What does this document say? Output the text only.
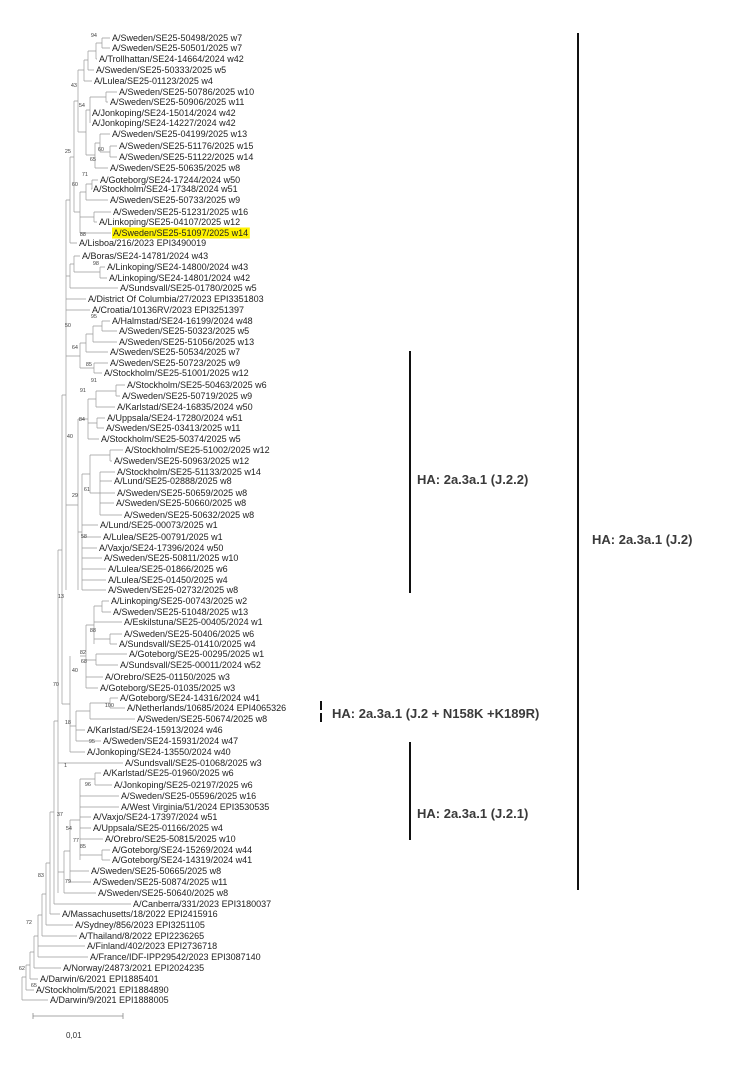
A/Sweden/SE25-50498/2025 w7
A/Sweden/SE25-50501/2025 w7
A/Trollhattan/SE24-14664/2024 w42
A/Sweden/SE25-50333/2025 w5
A/Lulea/SE25-01123/2025 w4
A/Sweden/SE25-50786/2025 w10
A/Sweden/SE25-50906/2025 w11
A/Jonkoping/SE24-15014/2024 w42
A/Jonkoping/SE24-14227/2024 w42
A/Sweden/SE25-04199/2025 w13
A/Sweden/SE25-51176/2025 w15
A/Sweden/SE25-51122/2025 w14
A/Sweden/SE25-50635/2025 w8
A/Goteborg/SE24-17244/2024 w50
A/Stockholm/SE24-17348/2024 w51
A/Sweden/SE25-50733/2025 w9
A/Sweden/SE25-51231/2025 w16
A/Linkoping/SE25-04107/2025 w12
A/Sweden/SE25-51097/2025 w14
A/Lisboa/216/2023 EPI3490019
A/Boras/SE24-14781/2024 w43
A/Linkoping/SE24-14800/2024 w43
A/Linkoping/SE24-14801/2024 w42
A/Sundsvall/SE25-01780/2025 w5
A/District Of Columbia/27/2023 EPI3351803
A/Croatia/10136RV/2023 EPI3251397
A/Halmstad/SE24-16199/2024 w48
A/Sweden/SE25-50323/2025 w5
A/Sweden/SE25-51056/2025 w13
A/Sweden/SE25-50534/2025 w7
A/Sweden/SE25-50723/2025 w9
A/Stockholm/SE25-51001/2025 w12
A/Stockholm/SE25-50463/2025 w6
A/Sweden/SE25-50719/2025 w9
A/Karlstad/SE24-16835/2024 w50
A/Uppsala/SE24-17280/2024 w51
A/Sweden/SE25-03413/2025 w11
A/Stockholm/SE25-50374/2025 w5
A/Stockholm/SE25-51002/2025 w12
A/Sweden/SE25-50963/2025 w12
A/Stockholm/SE25-51133/2025 w14
A/Lund/SE25-02888/2025 w8
A/Sweden/SE25-50659/2025 w8
A/Sweden/SE25-50660/2025 w8
A/Sweden/SE25-50632/2025 w8
A/Lund/SE25-00073/2025 w1
A/Lulea/SE25-00791/2025 w1
A/Vaxjo/SE24-17396/2024 w50
A/Sweden/SE25-50811/2025 w10
A/Lulea/SE25-01866/2025 w6
A/Lulea/SE25-01450/2025 w4
A/Sweden/SE25-02732/2025 w8
A/Linkoping/SE25-00743/2025 w2
A/Sweden/SE25-51048/2025 w13
A/Eskilstuna/SE25-00405/2024 w1
A/Sweden/SE25-50406/2025 w6
A/Sundsvall/SE25-01410/2025 w4
A/Goteborg/SE25-00295/2025 w1
A/Sundsvall/SE25-00011/2024 w52
A/Orebro/SE25-01150/2025 w3
A/Goteborg/SE25-01035/2025 w3
A/Goteborg/SE24-14316/2024 w41
A/Netherlands/10685/2024 EPI4065326
A/Sweden/SE25-50674/2025 w8
A/Karlstad/SE24-15913/2024 w46
A/Sweden/SE24-15931/2024 w47
A/Jonkoping/SE24-13550/2024 w40
A/Sundsvall/SE25-01068/2025 w3
A/Karlstad/SE25-01960/2025 w6
A/Jonkoping/SE25-02197/2025 w6
A/Sweden/SE25-05596/2025 w16
A/West Virginia/51/2024 EPI3530535
A/Vaxjo/SE24-17397/2024 w51
A/Uppsala/SE25-01166/2025 w4
A/Orebro/SE25-50815/2025 w10
A/Goteborg/SE24-15269/2024 w44
A/Goteborg/SE24-14319/2024 w41
A/Sweden/SE25-50665/2025 w8
A/Sweden/SE25-50874/2025 w11
A/Sweden/SE25-50640/2025 w8
A/Canberra/331/2023 EPI3180037
A/Massachusetts/18/2022 EPI2415916
A/Sydney/856/2023 EPI3251105
A/Thailand/8/2022 EPI2236265
A/Finland/402/2023 EPI2736718
A/France/IDF-IPP29542/2023 EPI3087140
A/Norway/24873/2021 EPI2024235
A/Darwin/6/2021 EPI1885401
A/Stockholm/5/2021 EPI1884890
A/Darwin/9/2021 EPI1888005
94
43
54
60
65
25
71
60
88
98
95
50
64
85
91
91
84
40
29
61
58
13
88
82
68
40
70
100
18
95
1
96
37
77
54
85
79
83
72
62
65
HA: 2a.3a.1 (J.2.2)
HA: 2a.3a.1 (J.2 + N158K +K189R)
HA: 2a.3a.1 (J.2.1)
HA: 2a.3a.1 (J.2)
0,01
